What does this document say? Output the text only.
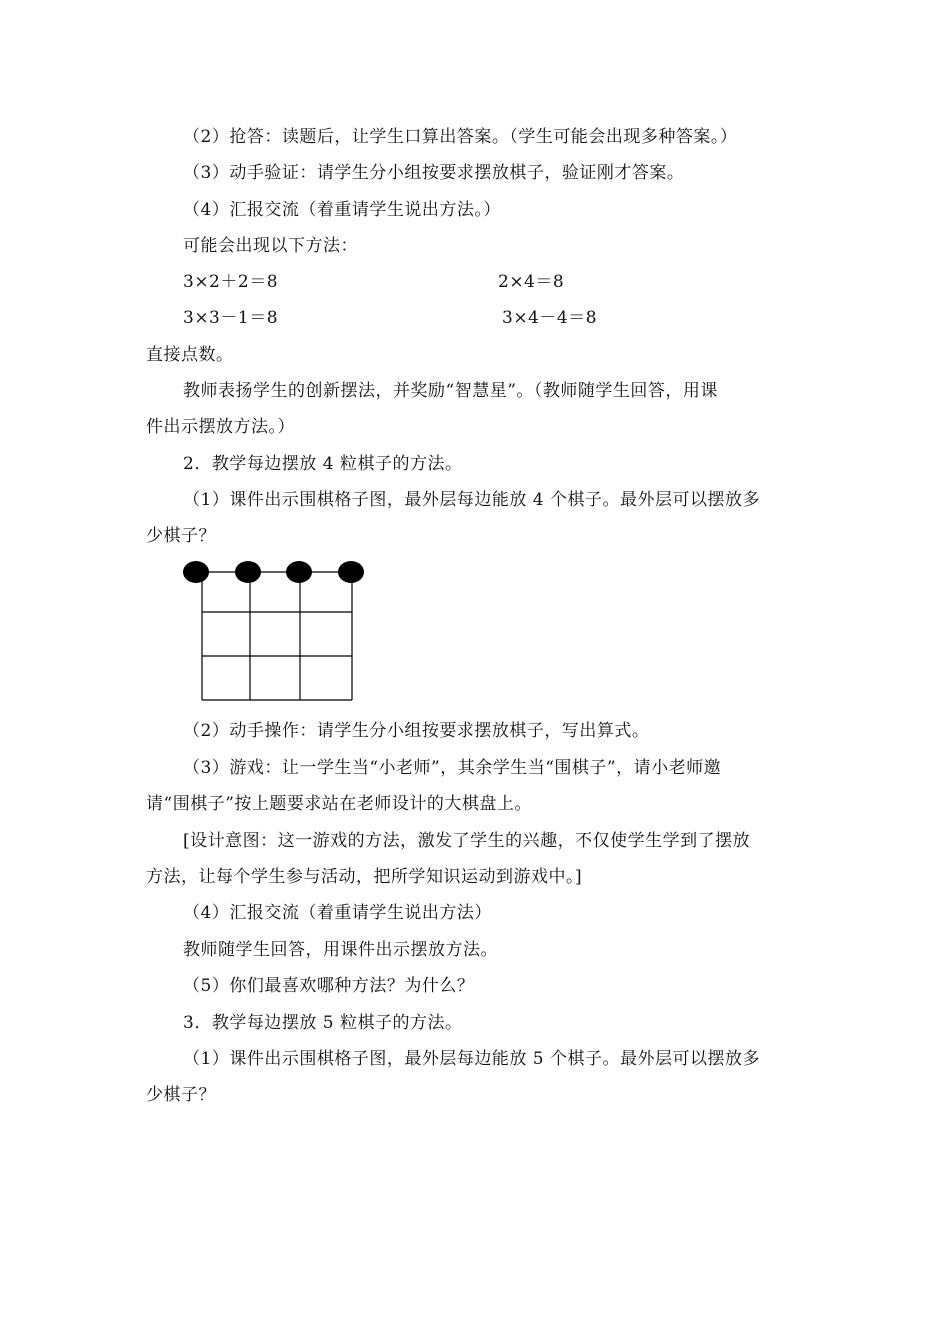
（2）抢答：读题后，让学生口算出答案。（学生可能会出现多种答案。）
（3）动手验证：请学生分小组按要求摆放棋子，验证刚才答案。
（4）汇报交流（着重请学生说出方法。）
可能会出现以下方法：
3×2＋2＝8	2×4＝8
3×3－1＝8	3×4－4＝8
直接点数。
教师表扬学生的创新摆法，并奖励“智慧星”。（教师随学生回答，用课
件出示摆放方法。）
2．教学每边摆放 4 粒棋子的方法。
（1）课件出示围棋格子图，最外层每边能放 4 个棋子。最外层可以摆放多
少棋子？
（2）动手操作：请学生分小组按要求摆放棋子，写出算式。
（3）游戏：让一学生当“小老师”，其余学生当“围棋子”，请小老师邀
请“围棋子”按上题要求站在老师设计的大棋盘上。
[设计意图：这一游戏的方法，激发了学生的兴趣，不仅使学生学到了摆放
方法，让每个学生参与活动，把所学知识运动到游戏中。]
（4）汇报交流（着重请学生说出方法）
教师随学生回答，用课件出示摆放方法。
（5）你们最喜欢哪种方法？为什么？
3．教学每边摆放 5 粒棋子的方法。
（1）课件出示围棋格子图，最外层每边能放 5 个棋子。最外层可以摆放多
少棋子？
